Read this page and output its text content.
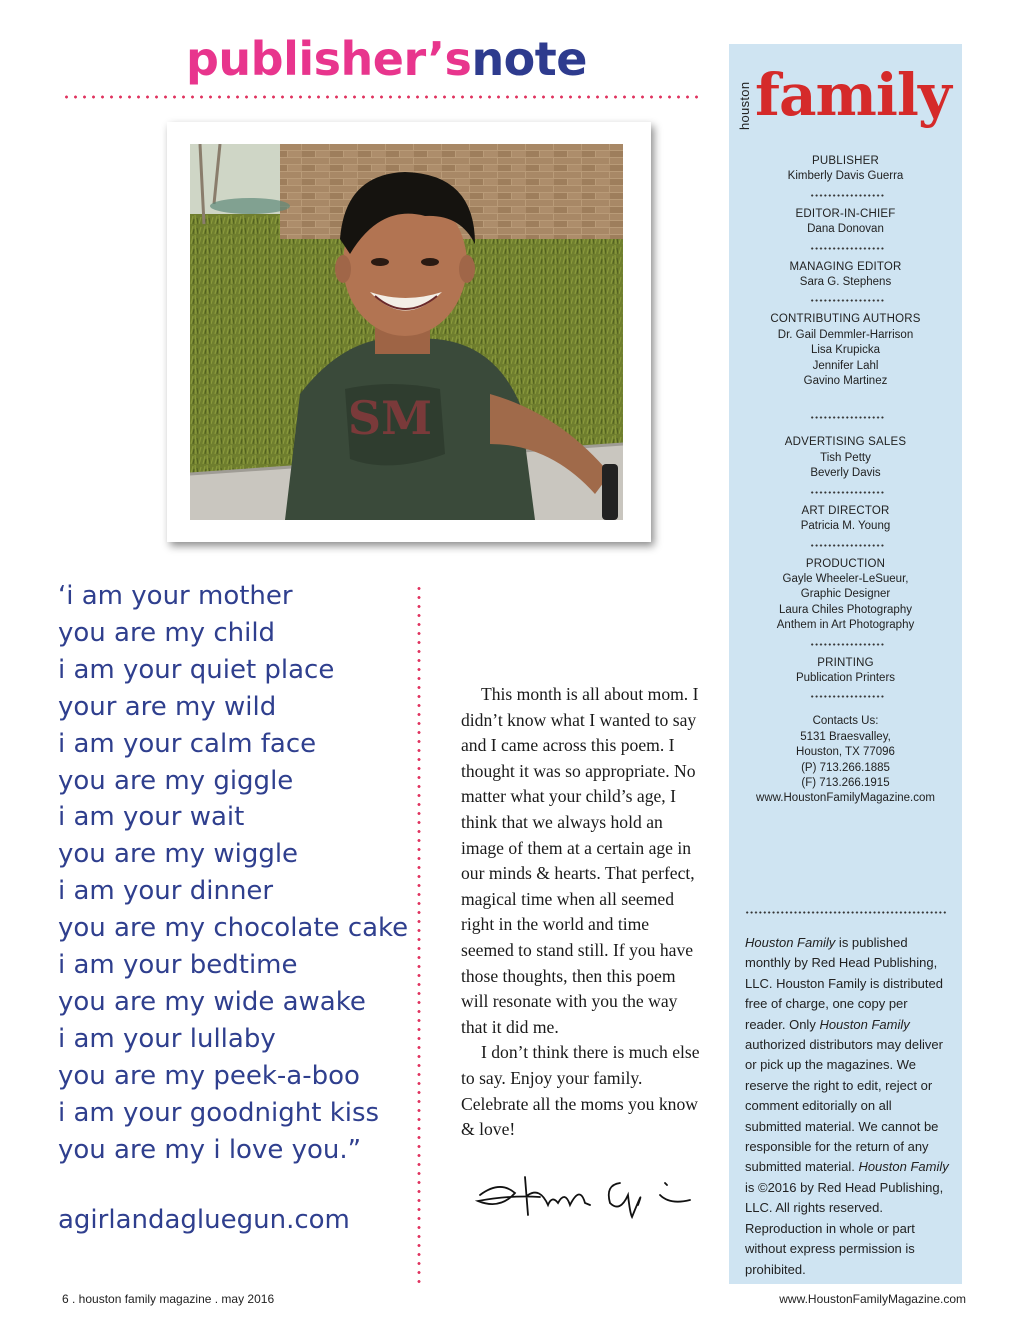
publisher’snote
SM
‘i am your mother
you are my child
i am your quiet place
your are my wild
i am your calm face
you are my giggle
i am your wait
you are my wiggle
i am your dinner
you are my chocolate cake
i am your bedtime
you are my wide awake
i am your lullaby
you are my peek-a-boo
i am your goodnight kiss
you are my i love you.”
agirlandagluegun.com

This month is all about mom. I didn’t know what I wanted to say and I came across this poem. I thought it was so appropriate. No matter what your child’s age, I think that we always hold an image of them at a certain age in our minds & hearts. That perfect, magical time when all seemed right in the world and time seemed to stand still. If you have those thoughts, then this poem will resonate with you the way that it did me.

I don’t think there is much else to say. Enjoy your family. Celebrate all the moms you know & love!

houston family
PUBLISHER
Kimberly Davis Guerra
EDITOR-IN-CHIEF
Dana Donovan
MANAGING EDITOR
Sara G. Stephens
CONTRIBUTING AUTHORS
Dr. Gail Demmler-Harrison
Lisa Krupicka
Jennifer Lahl
Gavino Martinez
ADVERTISING SALES
Tish Petty
Beverly Davis
ART DIRECTOR
Patricia M. Young
PRODUCTION
Gayle Wheeler-LeSueur,
Graphic Designer
Laura Chiles Photography
Anthem in Art Photography
PRINTING
Publication Printers
Contacts Us:
5131 Braesvalley,
Houston, TX 77096
(P) 713.266.1885
(F) 713.266.1915
www.HoustonFamilyMagazine.com
Houston Family is published monthly by Red Head Publishing, LLC. Houston Family is distributed free of charge, one copy per reader. Only Houston Family authorized distributors may deliver or pick up the magazines. We reserve the right to edit, reject or comment editorially on all submitted material. We cannot be responsible for the return of any submitted material. Houston Family is ©2016 by Red Head Publishing, LLC. All rights reserved. Reproduction in whole or part without express permission is prohibited.
6 . houston family magazine . may 2016	www.HoustonFamilyMagazine.com
